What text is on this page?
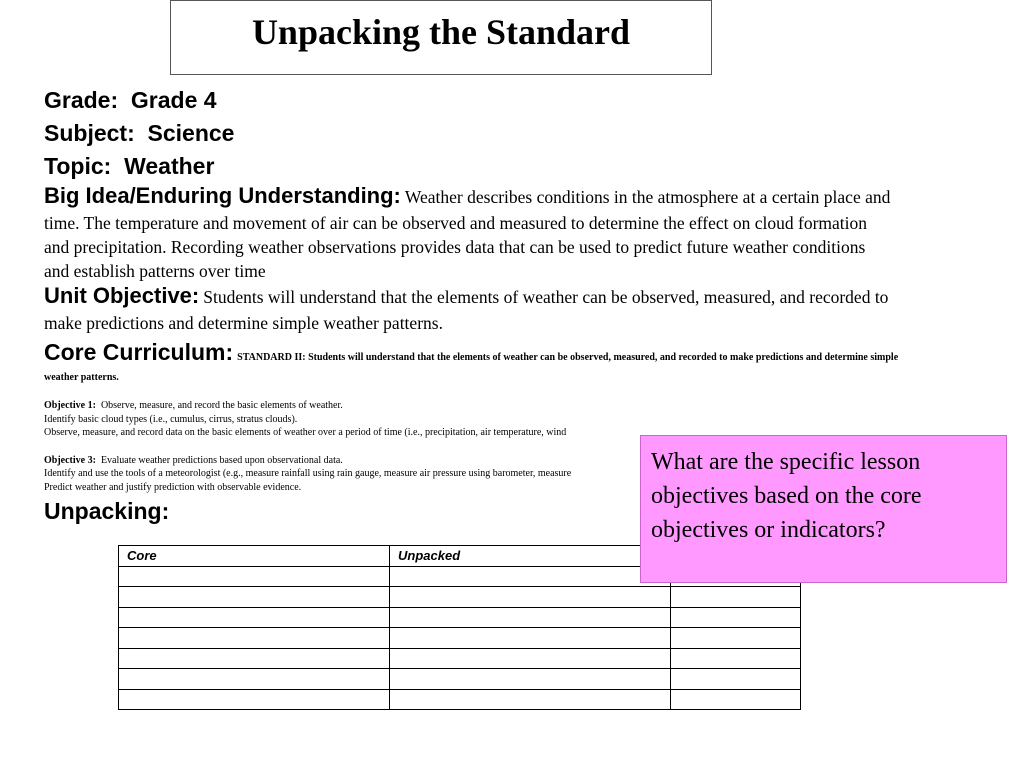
Unpacking the Standard
Grade: Grade 4
Subject: Science
Topic: Weather
Big Idea/Enduring Understanding: Weather describes conditions in the atmosphere at a certain place and
time. The temperature and movement of air can be observed and measured to determine the effect on cloud formation
and precipitation. Recording weather observations provides data that can be used to predict future weather conditions
and establish patterns over time
Unit Objective: Students will understand that the elements of weather can be observed, measured, and recorded to
make predictions and determine simple weather patterns.
Core Curriculum: STANDARD II: Students will understand that the elements of weather can be observed, measured, and recorded to make predictions and determine simple
weather patterns.
Objective 1: Observe, measure, and record the basic elements of weather.
Identify basic cloud types (i.e., cumulus, cirrus, stratus clouds).
Observe, measure, and record data on the basic elements of weather over a period of time (i.e., precipitation, air temperature, wind
Objective 3: Evaluate weather predictions based upon observational data.
Identify and use the tools of a meteorologist (e.g., measure rainfall using rain gauge, measure air pressure using barometer, measure
Predict weather and justify prediction with observable evidence.
Unpacking:
Core	Unpacked	

What are the specific lesson objectives based on the core objectives or indicators?
